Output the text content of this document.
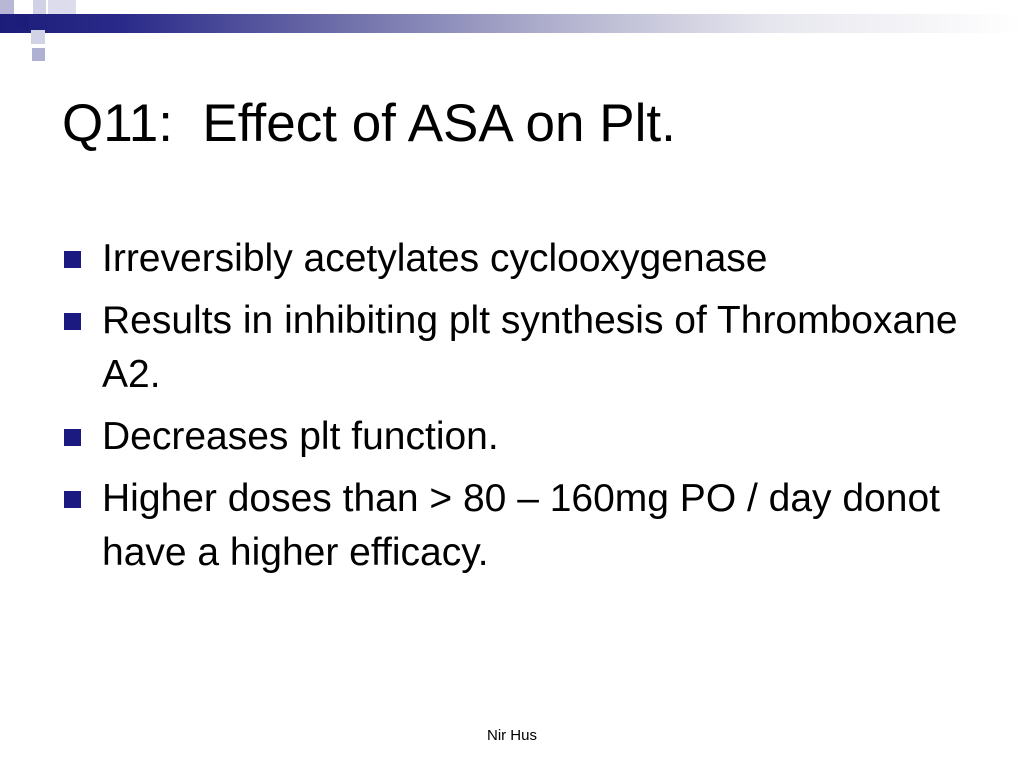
Q11:  Effect of ASA on Plt.
Irreversibly acetylates cyclooxygenase
Results in inhibiting plt synthesis of Thromboxane A2.
Decreases plt function.
Higher doses than > 80 – 160mg PO / day donot have a higher efficacy.
Nir Hus
